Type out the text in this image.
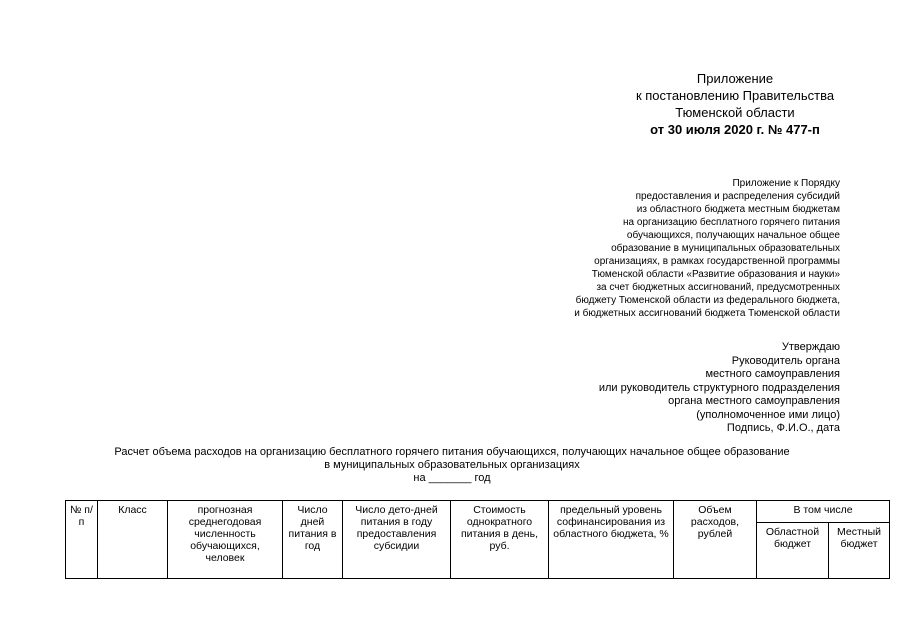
Приложение
к постановлению Правительства
Тюменской области
от 30 июля 2020 г. № 477-п
Приложение к Порядку
предоставления и распределения субсидий
из областного бюджета местным бюджетам
на организацию бесплатного горячего питания
обучающихся, получающих начальное общее
образование в муниципальных образовательных
организациях, в рамках государственной программы
Тюменской области «Развитие образования и науки»
за счет бюджетных ассигнований, предусмотренных
бюджету Тюменской области из федерального бюджета,
и бюджетных ассигнований бюджета Тюменской области
Утверждаю
Руководитель органа
местного самоуправления
или руководитель структурного подразделения
органа местного самоуправления
(уполномоченное ими лицо)
Подпись, Ф.И.О., дата
Расчет объема расходов на организацию бесплатного горячего питания обучающихся, получающих начальное общее образование
в муниципальных образовательных организациях
на _______ год
№ п/п	Класс	прогнозная среднегодовая численность обучающихся, человек	Число дней питания в год	Число дето-дней питания в году предоставления субсидии	Стоимость однократного питания в день, руб.	предельный уровень софинансирования из областного бюджета, %	Объем расходов, рублей	В том числе	
								Областной бюджет	Местный бюджет
